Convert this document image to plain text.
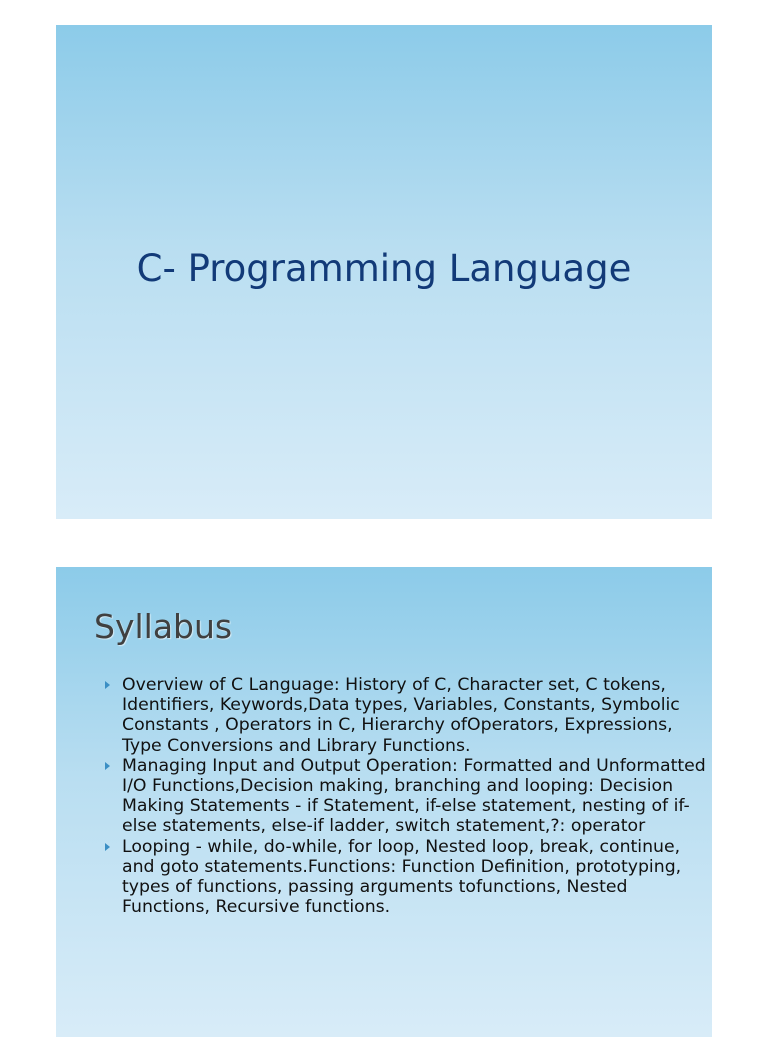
C- Programming Language
Syllabus
Overview of C Language: History of C, Character set, C tokens, Identifiers, Keywords,Data types, Variables, Constants, Symbolic Constants , Operators in C, Hierarchy ofOperators, Expressions, Type Conversions and Library Functions.
Managing Input and Output Operation: Formatted and Unformatted I/O Functions,Decision making, branching and looping: Decision Making Statements - if Statement, if-else statement, nesting of if-else statements, else-if ladder, switch statement,?: operator
Looping - while, do-while, for loop, Nested loop, break, continue, and goto statements.Functions: Function Definition, prototyping, types of functions, passing arguments tofunctions, Nested Functions, Recursive functions.
